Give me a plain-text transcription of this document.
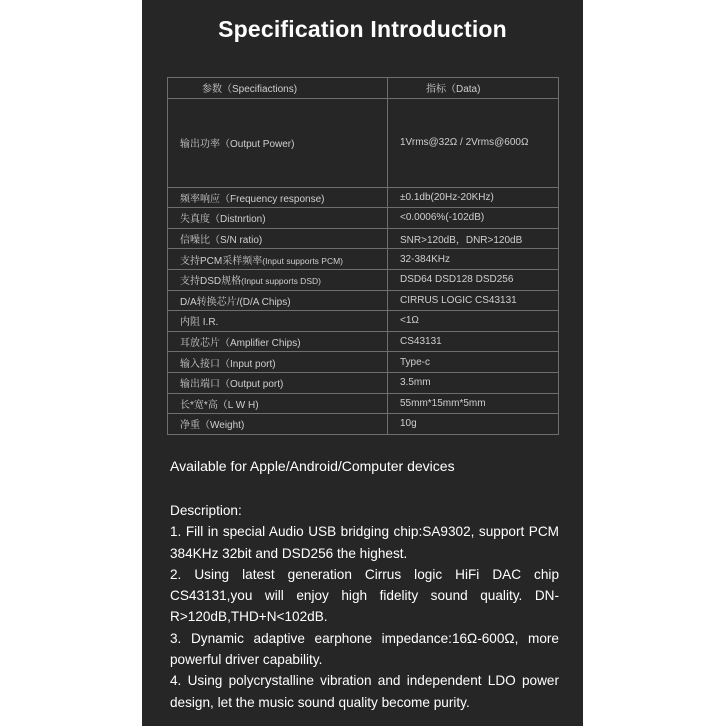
Specification Introduction
参数（Specifiactions)	指标（Data)
输出功率（Output Power)	1Vrms@32Ω / 2Vrms@600Ω
频率响应（Frequency response)	±0.1db(20Hz-20KHz)
失真度（Distnrtion)	<0.0006%(-102dB)
信噪比（S/N ratio)	SNR>120dB，DNR>120dB
支持PCM采样频率(Input supports PCM)	32-384KHz
支持DSD规格(Input supports DSD)	DSD64 DSD128 DSD256
D/A转换芯片/(D/A Chips)	CIRRUS LOGIC CS43131
内阻 I.R.	<1Ω
耳放芯片（Amplifier Chips)	CS43131
输入接口（Input port)	Type-c
输出端口（Output port)	3.5mm
长*宽*高（L W H)	55mm*15mm*5mm
净重（Weight)	10g
Available for Apple/Android/Computer devices

Description:

1. Fill in special Audio USB bridging chip:SA9302, support PCM 384KHz 32bit and DSD256 the highest.

2. Using latest generation Cirrus logic HiFi DAC chip CS43131,you will enjoy high fidelity sound quality. DN-R>120dB,THD+N<102dB.

3. Dynamic adaptive earphone impedance:16Ω-600Ω, more powerful driver capability.

4. Using polycrystalline vibration and independent LDO power design, let the music sound quality become purity.
